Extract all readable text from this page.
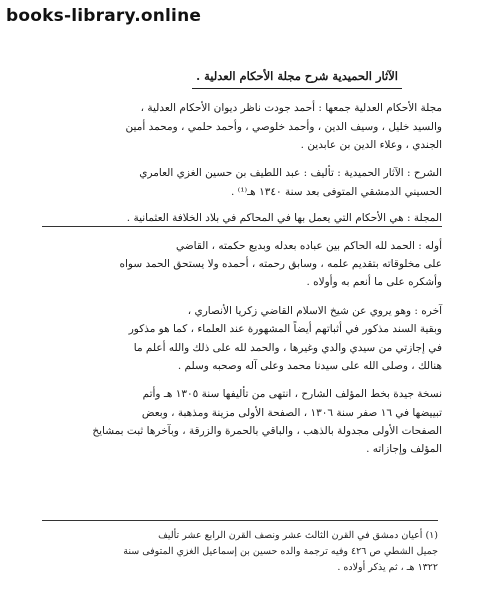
books-library.online
الآثار الحميدية شرح مجلة الأحكام العدلية .
مجلة الأحكام العدلية جمعها : أحمد جودت ناظر ديوان الأحكام العدلية ،
والسيد خليل ، وسيف الدين ، وأحمد خلوصي ، وأحمد حلمي ، ومحمد أمين
الجندي ، وعلاء الدين بن عابدين .
الشرح : الآثار الحميدية : تأليف : عبد اللطيف بن حسين الغزي العامري
الحسيني الدمشقي المتوفى بعد سنة ١٣٤٠ هـ⁽¹⁾ .
المجلة : هي الأحكام التي يعمل بها في المحاكم في بلاد الخلافة العثمانية .
أوله : الحمد لله الحاكم بين عباده بعدله وبديع حكمته ، القاضي
على مخلوقاته بتقديم علمه ، وسابق رحمته ، أحمده ولا يستحق الحمد سواه
وأشكره على ما أنعم به وأولاه .
آخره : وهو يروي عن شيخ الاسلام القاضي زكريا الأنصاري ،
وبقية السند مذكور في أثباتهم أيضاً المشهورة عند العلماء ، كما هو مذكور
في إجازتي من سيدي والدي وغيرها ، والحمد لله على ذلك والله أعلم ما
هنالك ، وصلى الله على سيدنا محمد وعلى آله وصحبه وسلم .
نسخة جيدة بخط المؤلف الشارح ، انتهى من تأليفها سنة ١٣٠٥ هـ وأتم
تبييضها في ١٦ صفر سنة ١٣٠٦ ، الصفحة الأولى مزينة ومذهبة ، وبعض
الصفحات الأولى مجدولة بالذهب ، والباقي بالحمرة والزرقة ، وبآخرها ثبت بمشايخ
المؤلف وإجازاته .
(١) أعيان دمشق في القرن الثالث عشر ونصف القرن الرابع عشر تأليف
جميل الشطي ص ٤٢٦ وفيه ترجمة والده حسين بن إسماعيل الغزي المتوفى سنة
١٣٢٢ هـ ، ثم يذكر أولاده .
